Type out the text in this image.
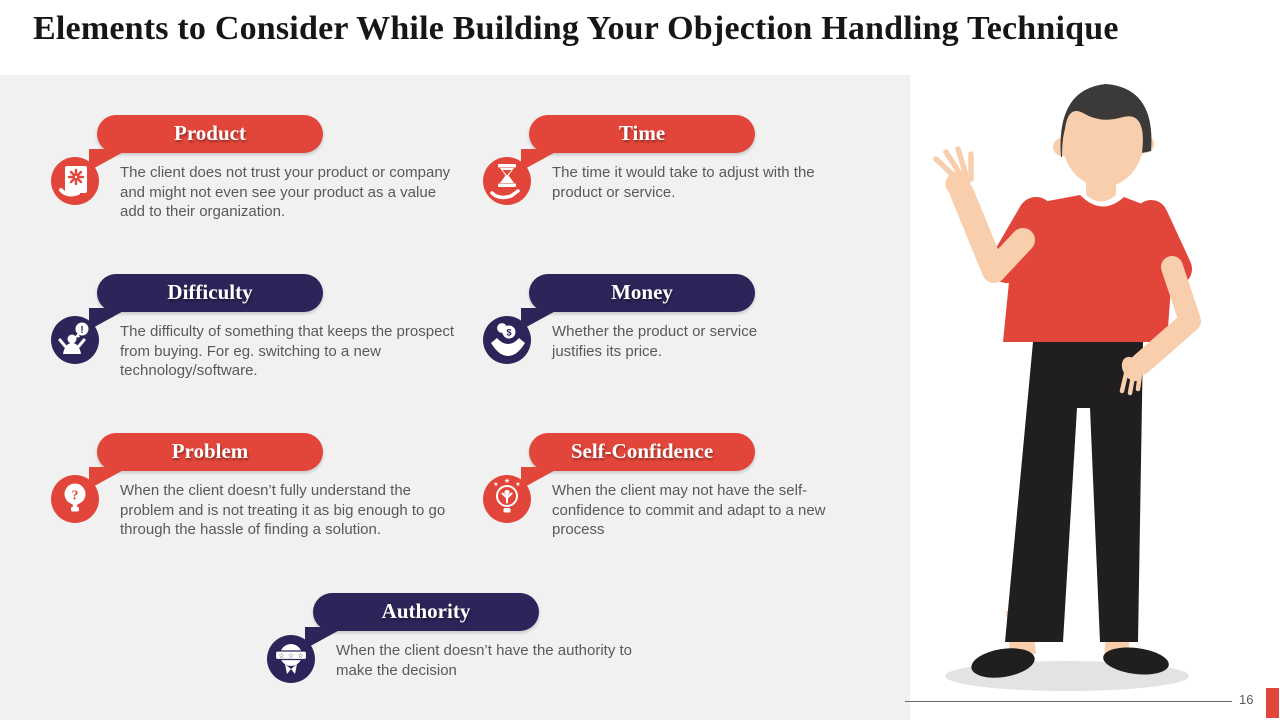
Elements to Consider While Building Your Objection Handling Technique
Product
The client does not trust your product or company and might not even see your product as a value add to their organization.
Time
The time it would take to adjust with the product or service.
!
Difficulty
The difficulty of something that keeps the prospect from buying. For eg. switching to a new technology/software.
$
Money
Whether the product or service justifies its price.
?
Problem
When the client doesn’t fully understand the problem and is not treating it as big enough to go through the hassle of finding a solution.
★ ★ ★
Self-Confidence
When the client may not have the self-confidence to commit and adapt to a new process
☆ ☆ ☆
Authority
When the client doesn’t have the authority to make the decision
16
